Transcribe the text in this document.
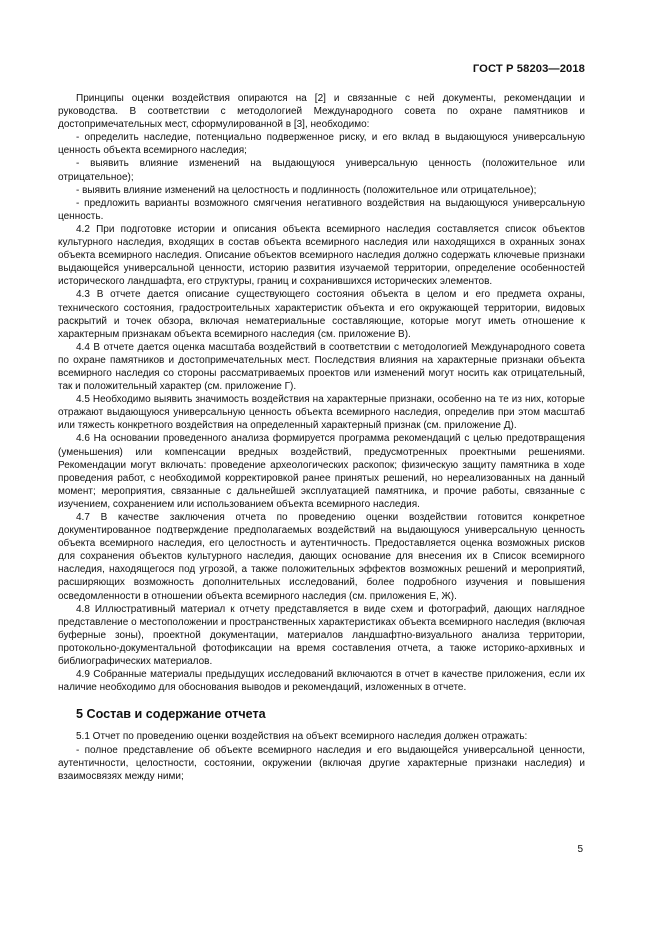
ГОСТ Р 58203—2018

Принципы оценки воздействия опираются на [2] и связанные с ней документы, рекомендации и руководства. В соответствии с методологией Международного совета по охране памятников и достопримечательных мест, сформулированной в [3], необходимо:

- определить наследие, потенциально подверженное риску, и его вклад в выдающуюся универсальную ценность объекта всемирного наследия;

- выявить влияние изменений на выдающуюся универсальную ценность (положительное или отрицательное);

- выявить влияние изменений на целостность и подлинность (положительное или отрицательное);

- предложить варианты возможного смягчения негативного воздействия на выдающуюся универсальную ценность.

4.2 При подготовке истории и описания объекта всемирного наследия составляется список объектов культурного наследия, входящих в состав объекта всемирного наследия или находящихся в охранных зонах объекта всемирного наследия. Описание объектов всемирного наследия должно содержать ключевые признаки выдающейся универсальной ценности, историю развития изучаемой территории, определение особенностей исторического ландшафта, его структуры, границ и сохранившихся исторических элементов.

4.3 В отчете дается описание существующего состояния объекта в целом и его предмета охраны, технического состояния, градостроительных характеристик объекта и его окружающей территории, видовых раскрытий и точек обзора, включая нематериальные составляющие, которые могут иметь отношение к характерным признакам объекта всемирного наследия (см. приложение В).

4.4 В отчете дается оценка масштаба воздействий в соответствии с методологией Международного совета по охране памятников и достопримечательных мест. Последствия влияния на характерные признаки объекта всемирного наследия со стороны рассматриваемых проектов или изменений могут носить как отрицательный, так и положительный характер (см. приложение Г).

4.5 Необходимо выявить значимость воздействия на характерные признаки, особенно на те из них, которые отражают выдающуюся универсальную ценность объекта всемирного наследия, определив при этом масштаб или тяжесть конкретного воздействия на определенный характерный признак (см. приложение Д).

4.6 На основании проведенного анализа формируется программа рекомендаций с целью предотвращения (уменьшения) или компенсации вредных воздействий, предусмотренных проектными решениями. Рекомендации могут включать: проведение археологических раскопок; физическую защиту памятника в ходе проведения работ, с необходимой корректировкой ранее принятых решений, но нереализованных на данный момент; мероприятия, связанные с дальнейшей эксплуатацией памятника, и прочие работы, связанные с изучением, сохранением или использованием объекта всемирного наследия.

4.7 В качестве заключения отчета по проведению оценки воздействии готовится конкретное документированное подтверждение предполагаемых воздействий на выдающуюся универсальную ценность объекта всемирного наследия, его целостность и аутентичность. Предоставляется оценка возможных рисков для сохранения объектов культурного наследия, дающих основание для внесения их в Список всемирного наследия, находящегося под угрозой, а также положительных эффектов возможных решений и мероприятий, расширяющих возможность дополнительных исследований, более подробного изучения и повышения осведомленности в отношении объекта всемирного наследия (см. приложения Е, Ж).

4.8 Иллюстративный материал к отчету представляется в виде схем и фотографий, дающих наглядное представление о местоположении и пространственных характеристиках объекта всемирного наследия (включая буферные зоны), проектной документации, материалов ландшафтно-визуального анализа территории, протокольно-документальной фотофиксации на время составления отчета, а также историко-архивных и библиографических материалов.

4.9 Собранные материалы предыдущих исследований включаются в отчет в качестве приложения, если их наличие необходимо для обоснования выводов и рекомендаций, изложенных в отчете.

5 Состав и содержание отчета

5.1 Отчет по проведению оценки воздействия на объект всемирного наследия должен отражать:

- полное представление об объекте всемирного наследия и его выдающейся универсальной ценности, аутентичности, целостности, состоянии, окружении (включая другие характерные признаки наследия) и взаимосвязях между ними;

5
